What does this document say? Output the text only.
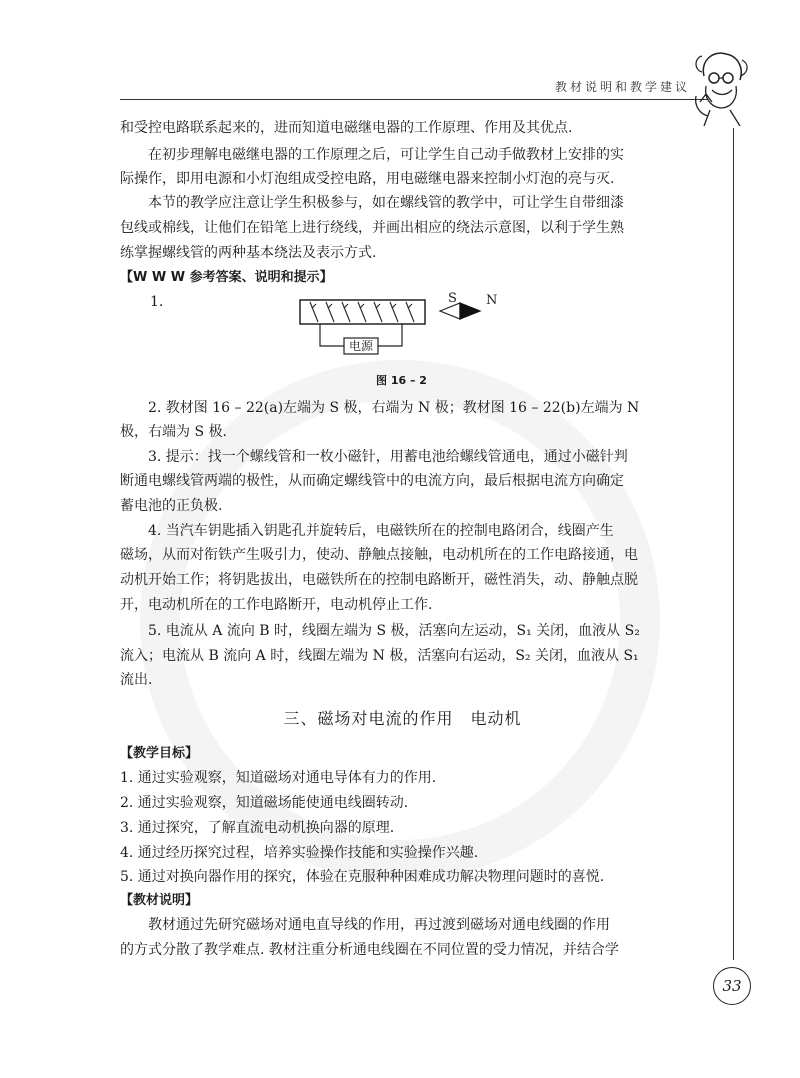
教材说明和教学建议
和受控电路联系起来的，进而知道电磁继电器的工作原理、作用及其优点.
在初步理解电磁继电器的工作原理之后，可让学生自己动手做教材上安排的实
际操作，即用电源和小灯泡组成受控电路，用电磁继电器来控制小灯泡的亮与灭.
本节的教学应注意让学生积极参与，如在螺线管的教学中，可让学生自带细漆
包线或棉线，让他们在铅笔上进行绕线，并画出相应的绕法示意图，以利于学生熟
练掌握螺线管的两种基本绕法及表示方式.
【W W W 参考答案、说明和提示】
1.
电源
S N
图 16 – 2
2. 教材图 16 – 22(a)左端为 S 极，右端为 N 极；教材图 16 – 22(b)左端为 N
极，右端为 S 极.
3. 提示：找一个螺线管和一枚小磁针，用蓄电池给螺线管通电，通过小磁针判
断通电螺线管两端的极性，从而确定螺线管中的电流方向，最后根据电流方向确定
蓄电池的正负极.
4. 当汽车钥匙插入钥匙孔并旋转后，电磁铁所在的控制电路闭合，线圈产生
磁场，从而对衔铁产生吸引力，使动、静触点接触，电动机所在的工作电路接通，电
动机开始工作；将钥匙拔出，电磁铁所在的控制电路断开，磁性消失，动、静触点脱
开，电动机所在的工作电路断开，电动机停止工作.
5. 电流从 A 流向 B 时，线圈左端为 S 极，活塞向左运动，S₁ 关闭，血液从 S₂
流入；电流从 B 流向 A 时，线圈左端为 N 极，活塞向右运动，S₂ 关闭，血液从 S₁
流出.
三、磁场对电流的作用　电动机
【教学目标】
1. 通过实验观察，知道磁场对通电导体有力的作用.
2. 通过实验观察，知道磁场能使通电线圈转动.
3. 通过探究，了解直流电动机换向器的原理.
4. 通过经历探究过程，培养实验操作技能和实验操作兴趣.
5. 通过对换向器作用的探究，体验在克服种种困难成功解决物理问题时的喜悦.
【教材说明】
教材通过先研究磁场对通电直导线的作用，再过渡到磁场对通电线圈的作用
的方式分散了教学难点. 教材注重分析通电线圈在不同位置的受力情况，并结合学
33
